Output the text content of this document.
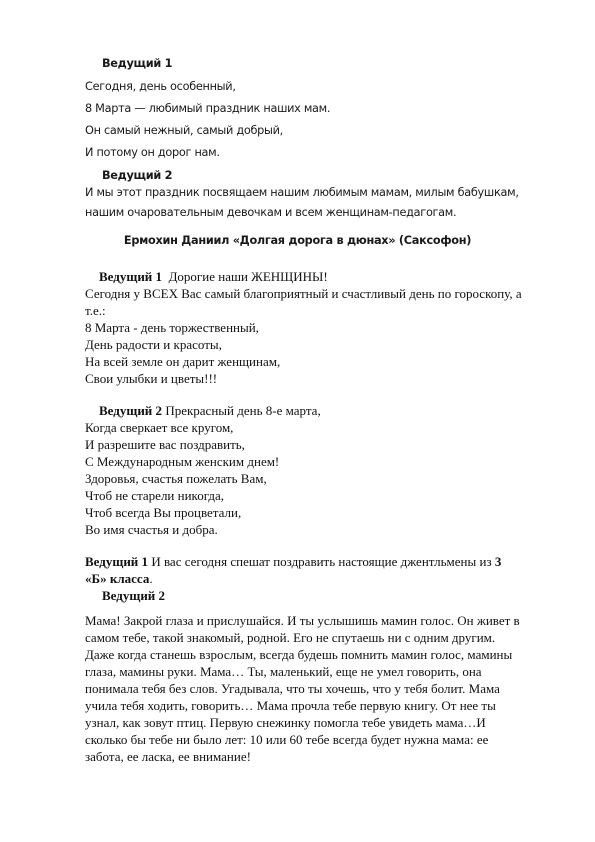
Ведущий 1
Сегодня, день особенный,
8 Марта — любимый праздник наших мам.
Он самый нежный, самый добрый,
И потому он дорог нам.
Ведущий 2
И мы этот праздник посвящаем нашим любимым мамам, милым бабушкам,
нашим очаровательным девочкам и всем женщинам-педагогам.
Ермохин Даниил «Долгая дорога в дюнах» (Саксофон)
Ведущий 1 Дорогие наши ЖЕНЩИНЫ!
Сегодня у ВСЕХ Вас самый благоприятный и счастливый день по гороскопу, а
т.е.:
8 Марта - день торжественный,
День радости и красоты,
На всей земле он дарит женщинам,
Свои улыбки и цветы!!!
Ведущий 2 Прекрасный день 8-е марта,
Когда сверкает все кругом,
И разрешите вас поздравить,
С Международным женским днем!
Здоровья, счастья пожелать Вам,
Чтоб не старели никогда,
Чтоб всегда Вы процветали,
Во имя счастья и добра.
Ведущий 1 И вас сегодня спешат поздравить настоящие джентльмены из 3
«Б» класса.
Ведущий 2
Мама! Закрой глаза и прислушайся. И ты услышишь мамин голос. Он живет в
самом тебе, такой знакомый, родной. Его не спутаешь ни с одним другим.
Даже когда станешь взрослым, всегда будешь помнить мамин голос, мамины
глаза, мамины руки. Мама… Ты, маленький, еще не умел говорить, она
понимала тебя без слов. Угадывала, что ты хочешь, что у тебя болит. Мама
учила тебя ходить, говорить… Мама прочла тебе первую книгу. От нее ты
узнал, как зовут птиц. Первую снежинку помогла тебе увидеть мама…И
сколько бы тебе ни было лет: 10 или 60 тебе всегда будет нужна мама: ее
забота, ее ласка, ее внимание!
